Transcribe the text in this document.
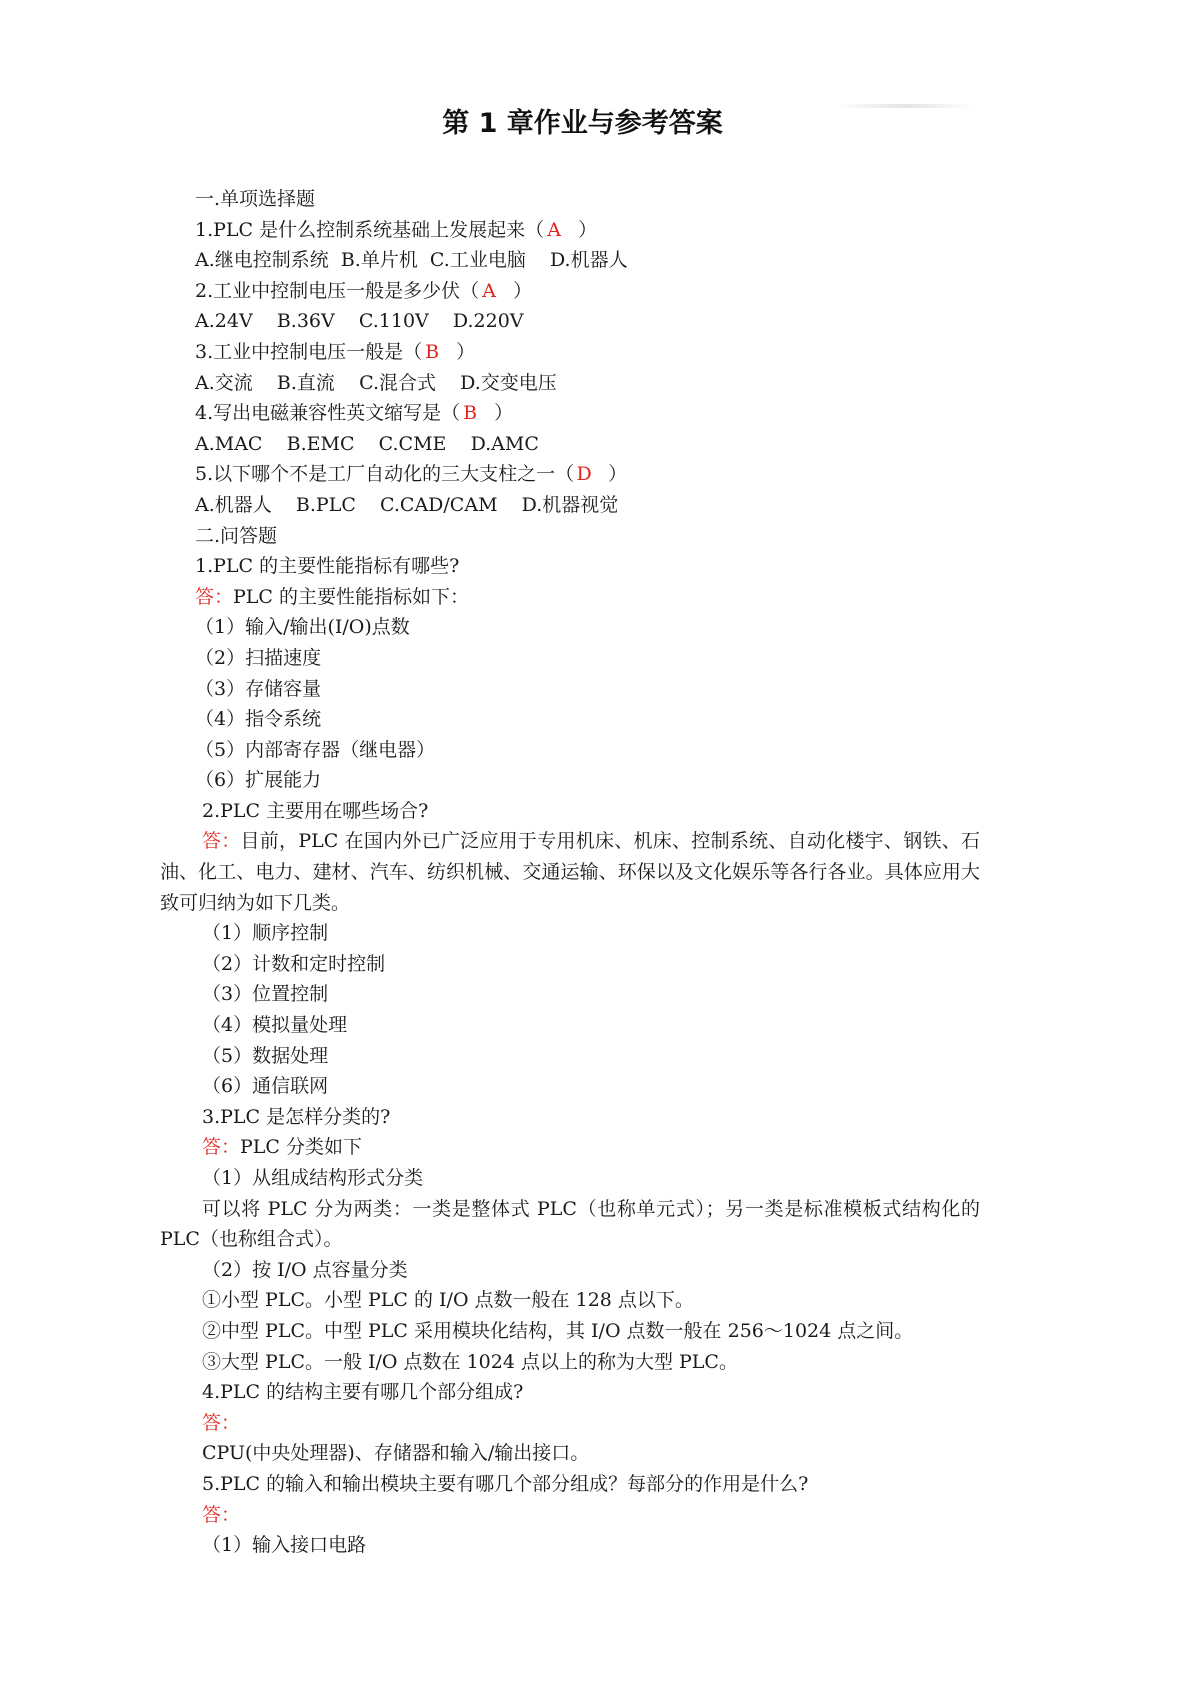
第 1 章作业与参考答案
一.单项选择题
1.PLC 是什么控制系统基础上发展起来（ A ）
A.继电控制系统  B.单片机  C.工业电脑    D.机器人
2.工业中控制电压一般是多少伏（ A ）
A.24V    B.36V    C.110V    D.220V
3.工业中控制电压一般是（ B ）
A.交流    B.直流    C.混合式    D.交变电压
4.写出电磁兼容性英文缩写是（ B ）
A.MAC    B.EMC    C.CME    D.AMC
5.以下哪个不是工厂自动化的三大支柱之一（ D ）
A.机器人    B.PLC    C.CAD/CAM    D.机器视觉
二.问答题
1.PLC 的主要性能指标有哪些?
答：PLC 的主要性能指标如下：
（1）输入/输出(I/O)点数
（2）扫描速度
（3）存储容量
（4）指令系统
（5）内部寄存器（继电器）
（6）扩展能力
2.PLC 主要用在哪些场合?
答：目前，PLC 在国内外已广泛应用于专用机床、机床、控制系统、自动化楼宇、钢铁、石油、化工、电力、建材、汽车、纺织机械、交通运输、环保以及文化娱乐等各行各业。具体应用大致可归纳为如下几类。
（1）顺序控制
（2）计数和定时控制
（3）位置控制
（4）模拟量处理
（5）数据处理
（6）通信联网
3.PLC 是怎样分类的?
答：PLC 分类如下
（1）从组成结构形式分类
可以将 PLC 分为两类：一类是整体式 PLC（也称单元式）；另一类是标准模板式结构化的 PLC（也称组合式）。
（2）按 I/O 点容量分类
①小型 PLC。小型 PLC 的 I/O 点数一般在 128 点以下。
②中型 PLC。中型 PLC 采用模块化结构，其 I/O 点数一般在 256～1024 点之间。
③大型 PLC。一般 I/O 点数在 1024 点以上的称为大型 PLC。
4.PLC 的结构主要有哪几个部分组成?
答：
CPU(中央处理器)、存储器和输入/输出接口。
5.PLC 的输入和输出模块主要有哪几个部分组成？每部分的作用是什么?
答：
（1）输入接口电路
